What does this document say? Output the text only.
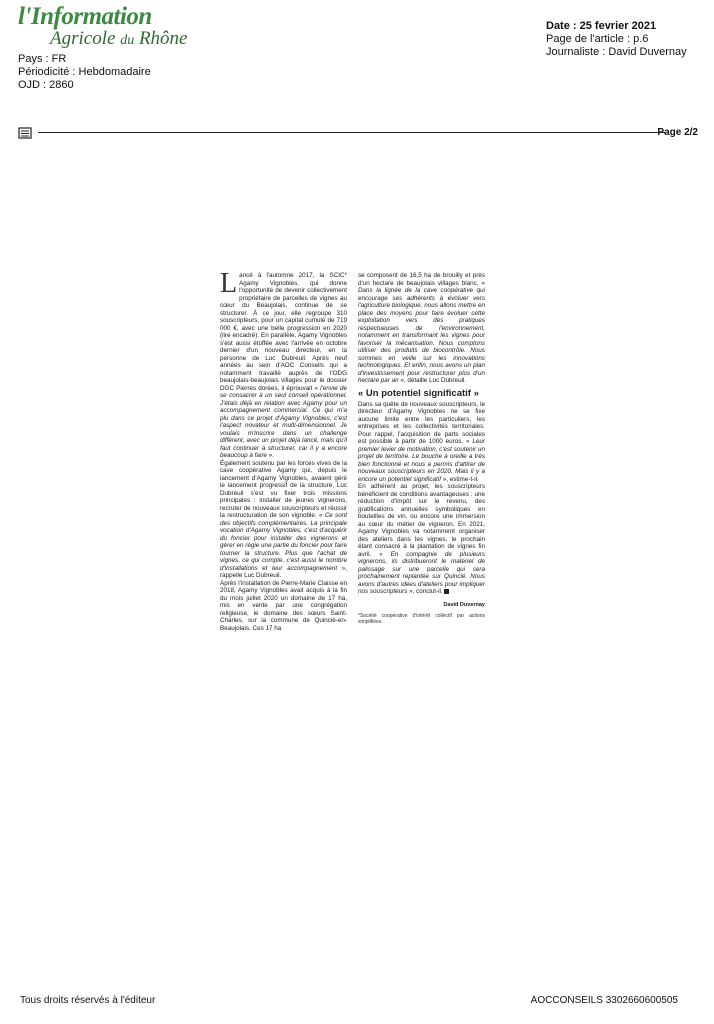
l'Information
Agricole du Rhône
Pays : FR
Périodicité : Hebdomadaire
OJD : 2860
Date : 25 fevrier 2021
Page de l'article : p.6
Journaliste : David Duvernay
Page 2/2

Lancé à l'automne 2017, la SCIC* Agamy Vignobles, qui donne l'opportunité de devenir collectivement propriétaire de parcelles de vignes au cœur du Beaujolais, continue de se structurer. À ce jour, elle regroupe 310 souscripteurs, pour un capital cumulé de 719 000 €, avec une belle progression en 2020 (lire encadré). En parallèle, Agamy Vignobles s'est aussi étoffée avec l'arrivée en octobre dernier d'un nouveau directeur, en la personne de Luc Dubreuil. Après neuf années au sein d'AOC Conseils qui a notamment travaillé auprès de l'ODG beaujolais-beaujolais villages pour le dossier DGC Pierres dorées, il éprouvait « l'envie de se consacrer à un seul conseil opérationnel. J'étais déjà en relation avec Agamy pour un accompagnement commercial. Ce qui m'a plu dans ce projet d'Agamy Vignobles, c'est l'aspect novateur et multi-dimensionnel. Je voulais m'inscrire dans un challenge différent, avec un projet déjà lancé, mais qu'il faut continuer à structurer, car il y a encore beaucoup à faire ».

Également soutenu par les forces vives de la cave coopérative Agamy qui, depuis le lancement d'Agamy Vignobles, avaient géré le lancement progressif de la structure, Luc Dubreuil s'est vu fixer trois missions principales : installer de jeunes vignerons, recruter de nouveaux souscripteurs et réussir la restructuration de son vignoble. « Ce sont des objectifs complémentaires. La principale vocation d'Agamy Vignobles, c'est d'acquérir du foncier pour installer des vignerons et gérer en régie une partie du foncier pour faire tourner la structure. Plus que l'achat de vignes, ce qui compte, c'est aussi le nombre d'installations et leur accompagnement », rappelle Luc Dubreuil.

Après l'installation de Pierre-Marie Claisse en 2018, Agamy Vignobles avait acquis à la fin du mois juillet 2020 un domaine de 17 ha, mis en vente par une congrégation religieuse, le domaine des sœurs Saint-Charles, sur la commune de Quincié-en-Beaujolais. Ces 17 ha

se composent de 16,5 ha de brouilly et près d'un hectare de beaujolais villages blanc. « Dans la lignée de la cave coopérative qui encourage ses adhérents à évoluer vers l'agriculture biologique, nous allons mettre en place des moyens pour faire évoluer cette exploitation vers des pratiques respectueuses de l'environnement, notamment en transformant les vignes pour favoriser la mécanisation. Nous comptons utiliser des produits de biocontrôle. Nous sommes en veille sur les innovations technologiques. Et enfin, nous avons un plan d'investissement pour restructurer plus d'un hectare par an », détaille Luc Dubreuil.

« Un potentiel significatif »

Dans sa quête de nouveaux souscripteurs, le directeur d'Agamy Vignobles ne se fixe aucune limite entre les particuliers, les entreprises et les collectivités territoriales. Pour rappel, l'acquisition de parts sociales est possible à partir de 1000 euros. « Leur premier levier de motivation, c'est soutenir un projet de territoire. Le bouche à oreille a très bien fonctionné et nous a permis d'attirer de nouveaux souscripteurs en 2020. Mais il y a encore un potentiel significatif », estime-t-il.

En adhérent au projet, les souscripteurs bénéficient de conditions avantageuses : une réduction d'impôt sur le revenu, des gratifications annuelles symboliques en bouteilles de vin, ou encore une immersion au cœur du métier de vigneron. En 2021, Agamy Vignobles va notamment organiser des ateliers dans les vignes, le prochain étant consacré à la plantation de vignes fin avril. « En compagnie de plusieurs vignerons, ils distribueront le matériel de palissage sur une parcelle qui sera prochainement replantée sur Quincié. Nous avons d'autres idées d'ateliers pour impliquer nos souscripteurs », conclut-il.

David Duvernay
*Société coopérative d'intérêt collectif par actions simplifiées.
Tous droits réservés à l'éditeur	AOCCONSEILS 3302660600505
